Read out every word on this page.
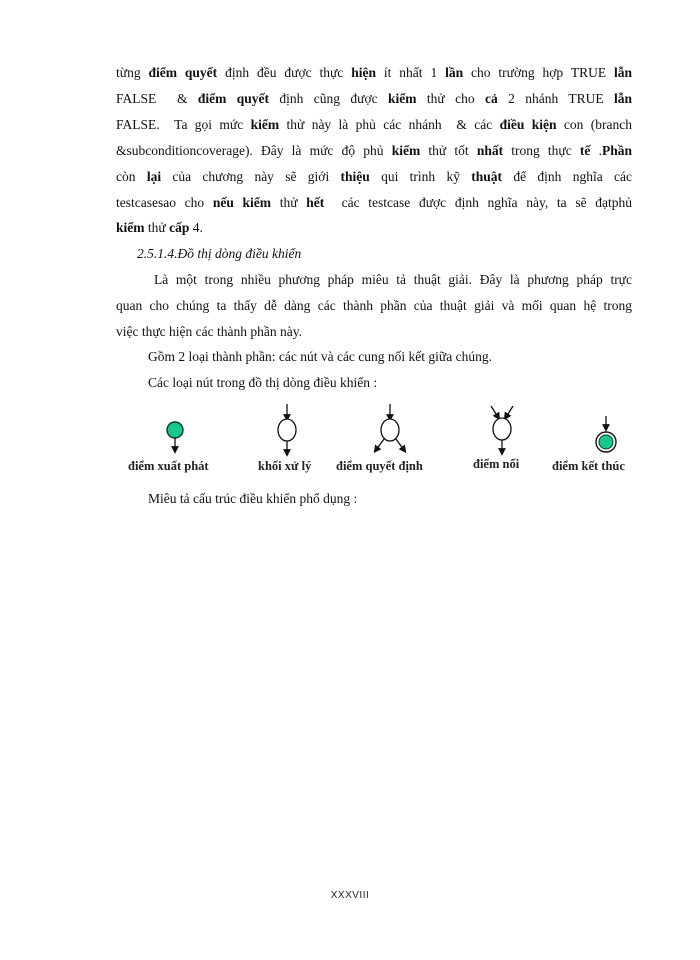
từng điểm quyết định đều được thực hiện ít nhất 1 lần cho trường hợp TRUE lẫn
FALSE  & điểm quyết định cũng được kiểm thử cho cả 2 nhánh TRUE lẫn
FALSE.  Ta gọi mức kiểm thử này là phủ các nhánh  & các điều kiện con (branch
&subconditioncoverage). Đây là mức độ phủ kiểm thử tốt nhất trong thực tế .Phần
còn lại của chương này sẽ giới thiệu qui trình kỹ thuật để định nghĩa các
testcasesao cho nếu kiểm thử hết  các testcase được định nghĩa này, ta sẽ đạtphủ
kiểm thử cấp 4.
2.5.1.4.Đồ thị dòng điều khiển
Là một trong nhiều phương pháp miêu tả thuật giải. Đây là phương pháp trực
quan cho chúng ta thấy dễ dàng các thành phần của thuật giải và mối quan hệ trong
việc thực hiện các thành phần này.
Gồm 2 loại thành phần: các nút và các cung nối kết giữa chúng.
Các loại nút trong đồ thị dòng điều khiển :
điểm xuất phát	khối xử lý điểm quyết định	điểm nối	điểm kết thúc
Miêu tả cấu trúc điều khiển phổ dụng :
XXXVIII
